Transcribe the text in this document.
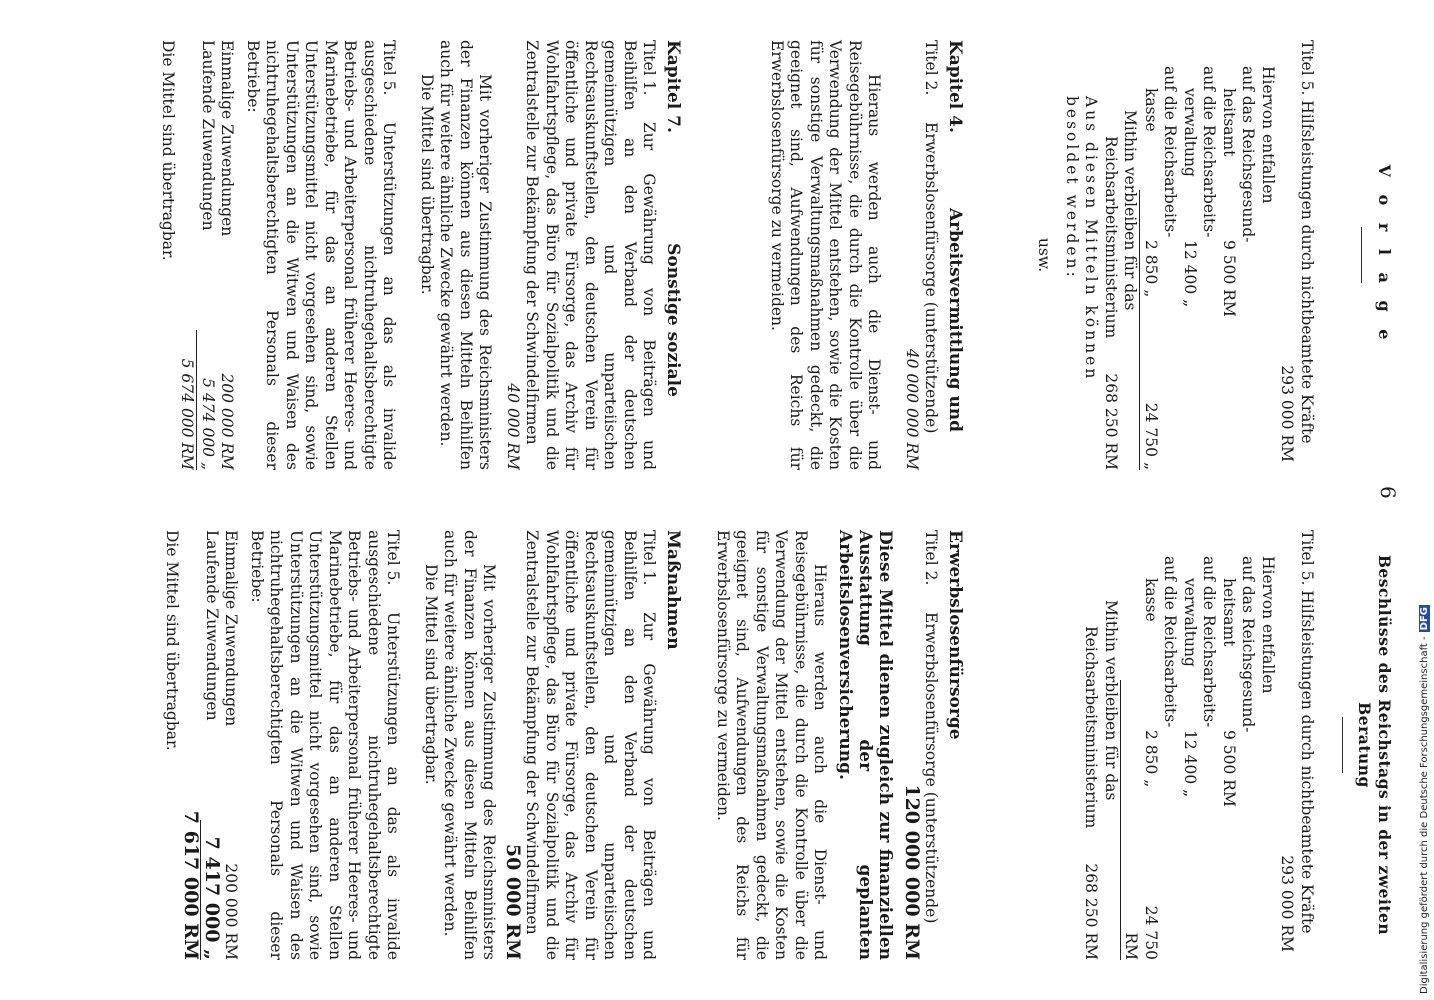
Digitalisierung gefördert durch die Deutsche Forschungsgemeinschaft -DFG
6
V o r l a g e
Titel 5. Hilfsleistungen durch nichtbeamtete Kräfte
293 000 RM
Hiervon entfallen
auf das Reichsgesund-
heitsamt
9 500 RM
auf die Reichsarbeits-
verwaltung
12 400 „
auf die Reichsarbeits-
kasse
2 850 „
24 750 „
Mithin verbleiben für das
Reichsarbeitsministerium
268 250 RM
Aus diesen Mitteln können besoldet werden:
usw.
Kapitel 4.
Arbeitsvermittlung und
Titel 2.
Erwerbslosenfürsorge (unterstützende)
40 000 000 RM
Hieraus werden auch die Dienst- und Reisegebührnisse, die durch die Kontrolle über die Verwendung der Mittel entstehen, sowie die Kosten für sonstige Verwaltungsmaßnahmen gedeckt, die geeignet sind, Aufwendungen des Reichs für Erwerbslosenfürsorge zu vermeiden.
Kapitel 7.
Sonstige soziale
Titel 1.Zur Gewährung von Beiträgen und Beihilfen an den Verband der deutschen gemeinnützigen und unparteiischen Rechtsauskunftstellen, den deutschen Verein für öffentliche und private Fürsorge, das Archiv für Wohlfahrtspflege, das Büro für Sozialpolitik und die Zentralstelle zur Bekämpfung der Schwindelfirmen
40 000 RM
Mit vorheriger Zustimmung des Reichsministers der Finanzen können aus diesen Mitteln Beihilfen auch für weitere ähnliche Zwecke gewährt werden.
Die Mittel sind übertragbar.
Titel 5.Unterstützungen an das als invalide ausgeschiedene nichtruhegehaltsberechtigte Betriebs- und Arbeiterpersonal früherer Heeres- und Marinebetriebe, für das an anderen Stellen Unterstützungsmittel nicht vorgesehen sind, sowie Unterstützungen an die Witwen und Waisen des nichtruhegehaltsberechtigten Personals dieser Betriebe:
Einmalige Zuwendungen
200 000 RM
Laufende Zuwendungen
5 474 000 „
5 674 000 RM
Die Mittel sind übertragbar.
Beschlüsse des Reichstags in der zweiten Beratung
Titel 5. Hilfsleistungen durch nichtbeamtete Kräfte
293 000 RM
Hiervon entfallen
auf das Reichsgesund-
heitsamt
9 500 RM
auf die Reichsarbeits-
verwaltung
12 400 „
auf die Reichsarbeits-
kasse
2 850 „
24 750 RM
Mithin verbleiben für das
Reichsarbeitsministerium
268 250 RM
Erwerbslosenfürsorge
Titel 2.
Erwerbslosenfürsorge (unterstützende)
120 000 000 RM
Diese Mittel dienen zugleich zur finanziellen Ausstattung der geplanten Arbeitslosenversicherung.
Hieraus werden auch die Dienst- und Reisegebührnisse, die durch die Kontrolle über die Verwendung der Mittel entstehen, sowie die Kosten für sonstige Verwaltungsmaßnahmen gedeckt, die geeignet sind, Aufwendungen des Reichs für Erwerbslosenfürsorge zu vermeiden.
Maßnahmen
Titel 1.Zur Gewährung von Beiträgen und Beihilfen an den Verband der deutschen gemeinnützigen und unparteiischen Rechtsauskunftstellen, den deutschen Verein für öffentliche und private Fürsorge, das Archiv für Wohlfahrtspflege, das Büro für Sozialpolitik und die Zentralstelle zur Bekämpfung der Schwindelfirmen
50 000 RM
Mit vorheriger Zustimmung des Reichsministers der Finanzen können aus diesen Mitteln Beihilfen auch für weitere ähnliche Zwecke gewährt werden.
Die Mittel sind übertragbar.
Titel 5.Unterstützungen an das als invalide ausgeschiedene nichtruhegehaltsberechtigte Betriebs- und Arbeiterpersonal früherer Heeres- und Marinebetriebe, für das an anderen Stellen Unterstützungsmittel nicht vorgesehen sind, sowie Unterstützungen an die Witwen und Waisen des nichtruhegehaltsberechtigten Personals dieser Betriebe:
Einmalige Zuwendungen
200 000 RM
Laufende Zuwendungen
7 417 000 „
7 617 000 RM
Die Mittel sind übertragbar.
